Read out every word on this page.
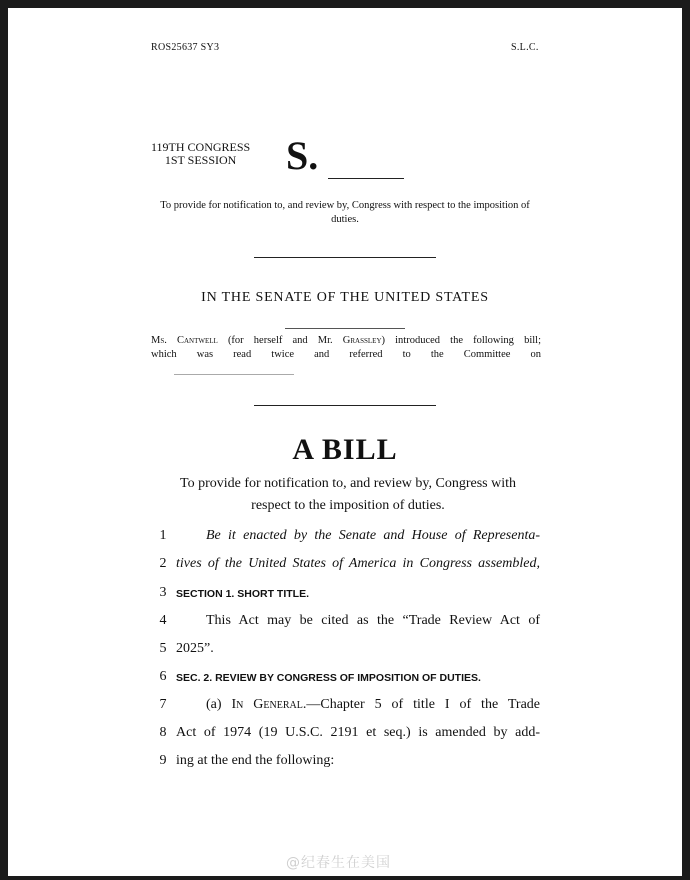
ROS25637 SY3	S.L.C.
119TH CONGRESS
1ST SESSION	S.
To provide for notification to, and review by, Congress with respect to the imposition of duties.
IN THE SENATE OF THE UNITED STATES
Ms. Cantwell (for herself and Mr. Grassley) introduced the following bill;
which was read twice and referred to the Committee on
A BILL
To provide for notification to, and review by, Congress with
respect to the imposition of duties.
1	Be it enacted by the Senate and House of Representa-
2 tives of the United States of America in Congress assembled,
3 SECTION 1. SHORT TITLE.
4	This Act may be cited as the “Trade Review Act of
5 2025”.
6 SEC. 2. REVIEW BY CONGRESS OF IMPOSITION OF DUTIES.
7	(a) In General.—Chapter 5 of title I of the Trade
8 Act of 1974 (19 U.S.C. 2191 et seq.) is amended by add-
9 ing at the end the following:
@纪春生在美国
